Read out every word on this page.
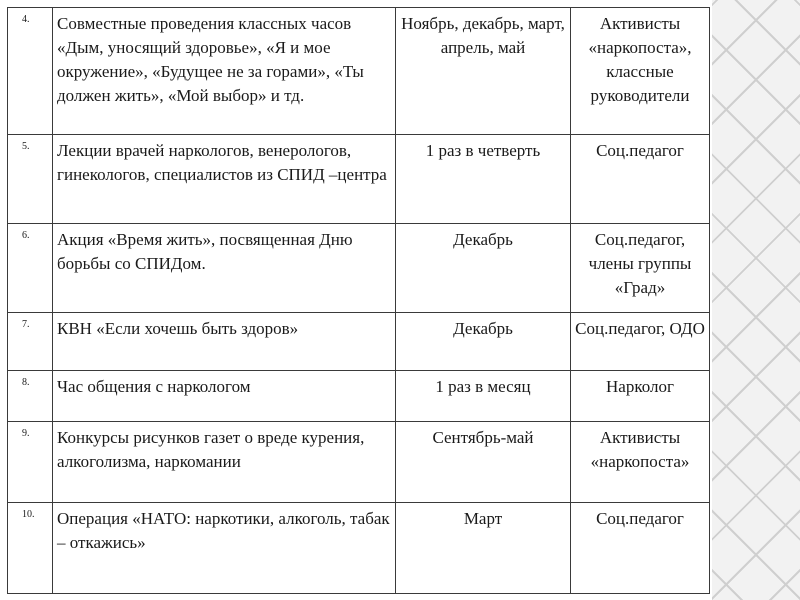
4.	Совместные проведения классных часов «Дым, уносящий здоровье», «Я и мое окружение», «Будущее не за горами», «Ты должен жить», «Мой выбор» и тд.	Ноябрь, декабрь, март, апрель, май	Активисты «наркопоста», классные руководители
5.	Лекции врачей наркологов, венерологов, гинекологов, специалистов из СПИД –центра	1 раз в четверть	Соц.педагог
6.	Акция «Время жить», посвященная Дню борьбы со СПИДом.	Декабрь	Соц.педагог, члены группы «Град»
7.	КВН «Если хочешь быть здоров»	Декабрь	Соц.педагог, ОДО
8.	Час общения с наркологом	1 раз в месяц	Нарколог
9.	Конкурсы рисунков газет о вреде курения, алкоголизма, наркомании	Сентябрь-май	Активисты «наркопоста»
10.	Операция «НАТО: наркотики, алкоголь, табак – откажись»	Март	Соц.педагог
